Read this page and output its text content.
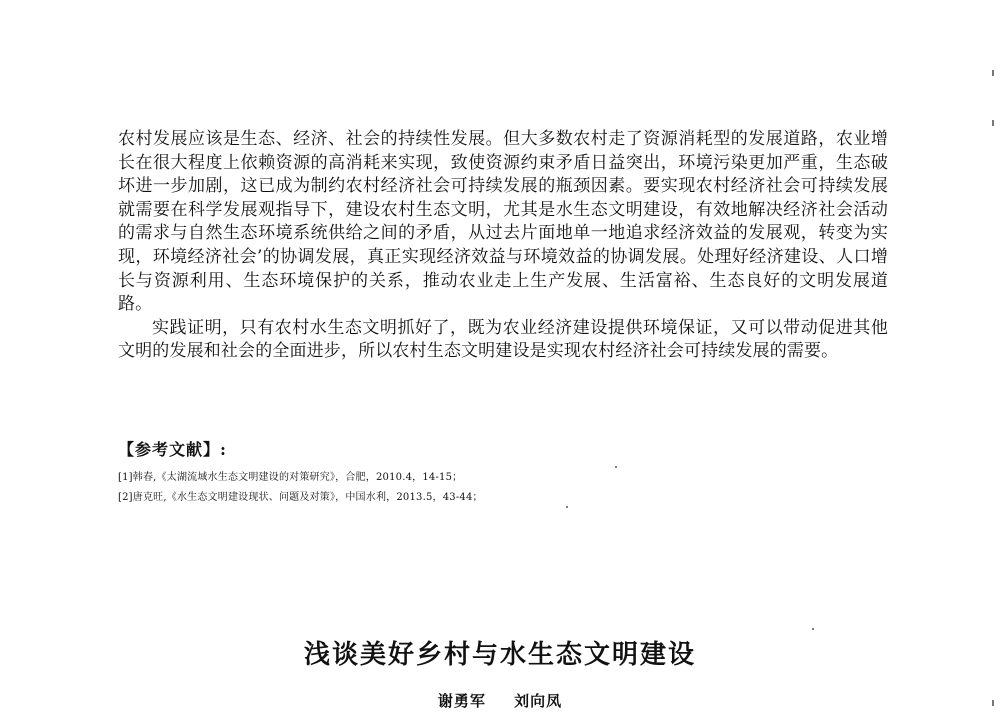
农村发展应该是生态、经济、社会的持续性发展。但大多数农村走了资源消耗型的发展道路，农业增长在很大程度上依赖资源的高消耗来实现，致使资源约束矛盾日益突出，环境污染更加严重，生态破坏进一步加剧，这已成为制约农村经济社会可持续发展的瓶颈因素。要实现农村经济社会可持续发展就需要在科学发展观指导下，建设农村生态文明，尤其是水生态文明建设，有效地解决经济社会活动的需求与自然生态环境系统供给之间的矛盾，从过去片面地单一地追求经济效益的发展观，转变为实现，环境经济社会’的协调发展，真正实现经济效益与环境效益的协调发展。处理好经济建设、人口增长与资源利用、生态环境保护的关系，推动农业走上生产发展、生活富裕、生态良好的文明发展道路。

实践证明，只有农村水生态文明抓好了，既为农业经济建设提供环境保证，又可以带动促进其他文明的发展和社会的全面进步，所以农村生态文明建设是实现农村经济社会可持续发展的需要。

【参考文献】:

[1]韩春,《太湖流域水生态文明建设的对策研究》，合肥，2010.4，14-15；

[2]唐克旺,《水生态文明建设现状、问题及对策》，中国水利，2013.5，43-44；

浅谈美好乡村与水生态文明建设
谢勇军 刘向凤
